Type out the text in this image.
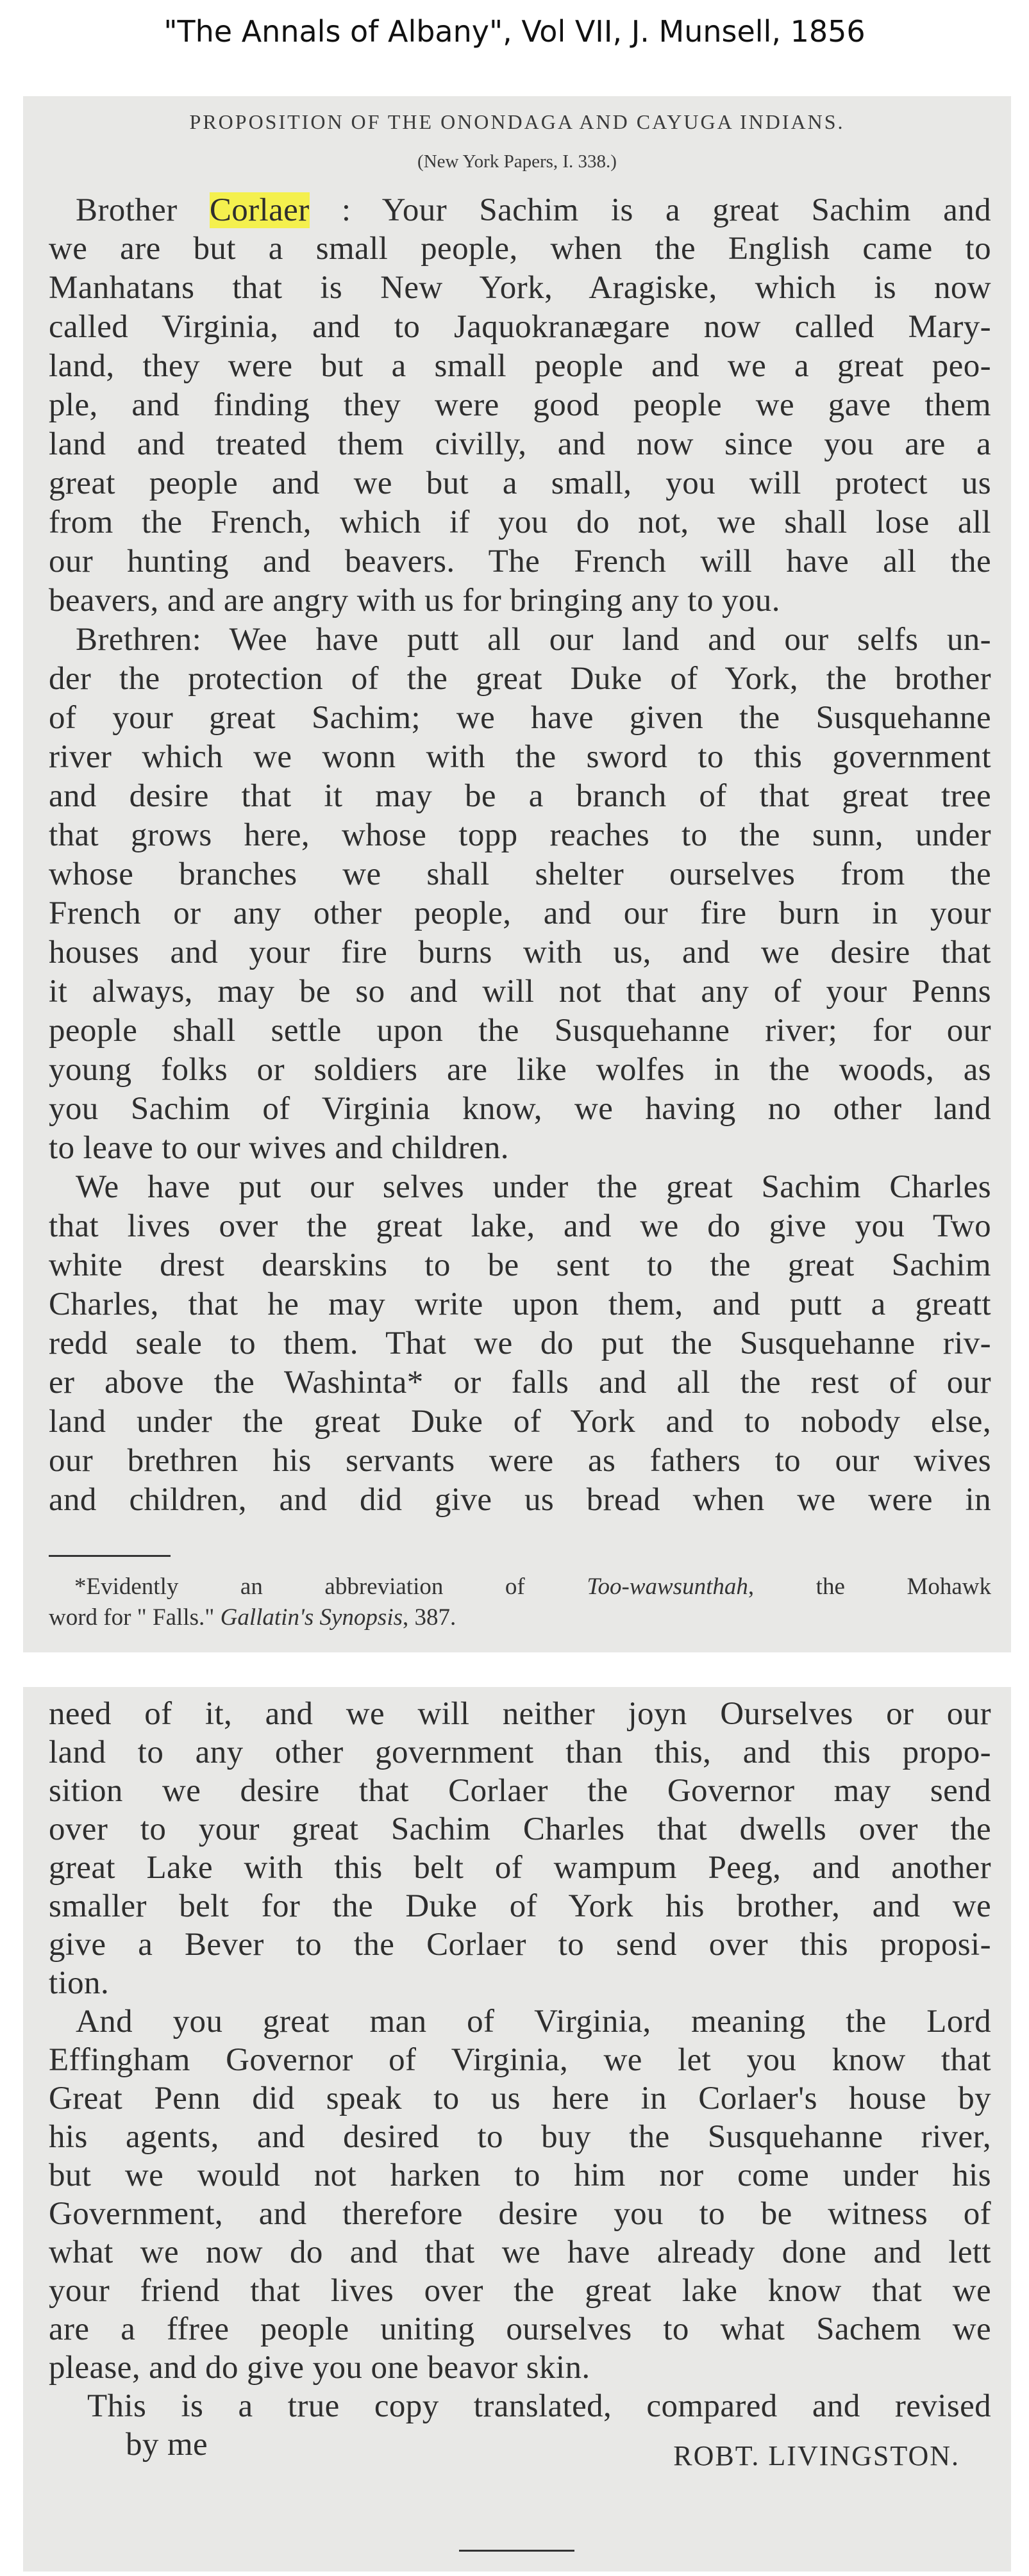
"The Annals of Albany", Vol VII, J. Munsell, 1856
PROPOSITION OF THE ONONDAGA AND CAYUGA INDIANS.
(New York Papers, I. 338.)
Brother Corlaer : Your Sachim is a great Sachim and
we are but a small people, when the English came to
Manhatans that is New York, Aragiske, which is now
called Virginia, and to Jaquokranægare now called Mary-
land, they were but a small people and we a great peo-
ple, and finding they were good people we gave them
land and treated them civilly, and now since you are a
great people and we but a small, you will protect us
from the French, which if you do not, we shall lose all
our hunting and beavers. The French will have all the
beavers, and are angry with us for bringing any to you.
Brethren: Wee have putt all our land and our selfs un-
der the protection of the great Duke of York, the brother
of your great Sachim; we have given the Susquehanne
river which we wonn with the sword to this government
and desire that it may be a branch of that great tree
that grows here, whose topp reaches to the sunn, under
whose branches we shall shelter ourselves from the
French or any other people, and our fire burn in your
houses and your fire burns with us, and we desire that
it always, may be so and will not that any of your Penns
people shall settle upon the Susquehanne river; for our
young folks or soldiers are like wolfes in the woods, as
you Sachim of Virginia know, we having no other land
to leave to our wives and children.
We have put our selves under the great Sachim Charles
that lives over the great lake, and we do give you Two
white drest dearskins to be sent to the great Sachim
Charles, that he may write upon them, and putt a greatt
redd seale to them. That we do put the Susquehanne riv-
er above the Washinta* or falls and all the rest of our
land under the great Duke of York and to nobody else,
our brethren his servants were as fathers to our wives
and children, and did give us bread when we were in
*Evidently an abbreviation of Too-wawsunthah, the Mohawk
word for " Falls." Gallatin's Synopsis, 387.
need of it, and we will neither joyn Ourselves or our
land to any other government than this, and this propo-
sition we desire that Corlaer the Governor may send
over to your great Sachim Charles that dwells over the
great Lake with this belt of wampum Peeg, and another
smaller belt for the Duke of York his brother, and we
give a Bever to the Corlaer to send over this proposi-
tion.
And you great man of Virginia, meaning the Lord
Effingham Governor of Virginia, we let you know that
Great Penn did speak to us here in Corlaer's house by
his agents, and desired to buy the Susquehanne river,
but we would not harken to him nor come under his
Government, and therefore desire you to be witness of
what we now do and that we have already done and lett
your friend that lives over the great lake know that we
are a ffree people uniting ourselves to what Sachem we
please, and do give you one beavor skin.
This is a true copy translated, compared and revised
by me	ROBT. LIVINGSTON.
